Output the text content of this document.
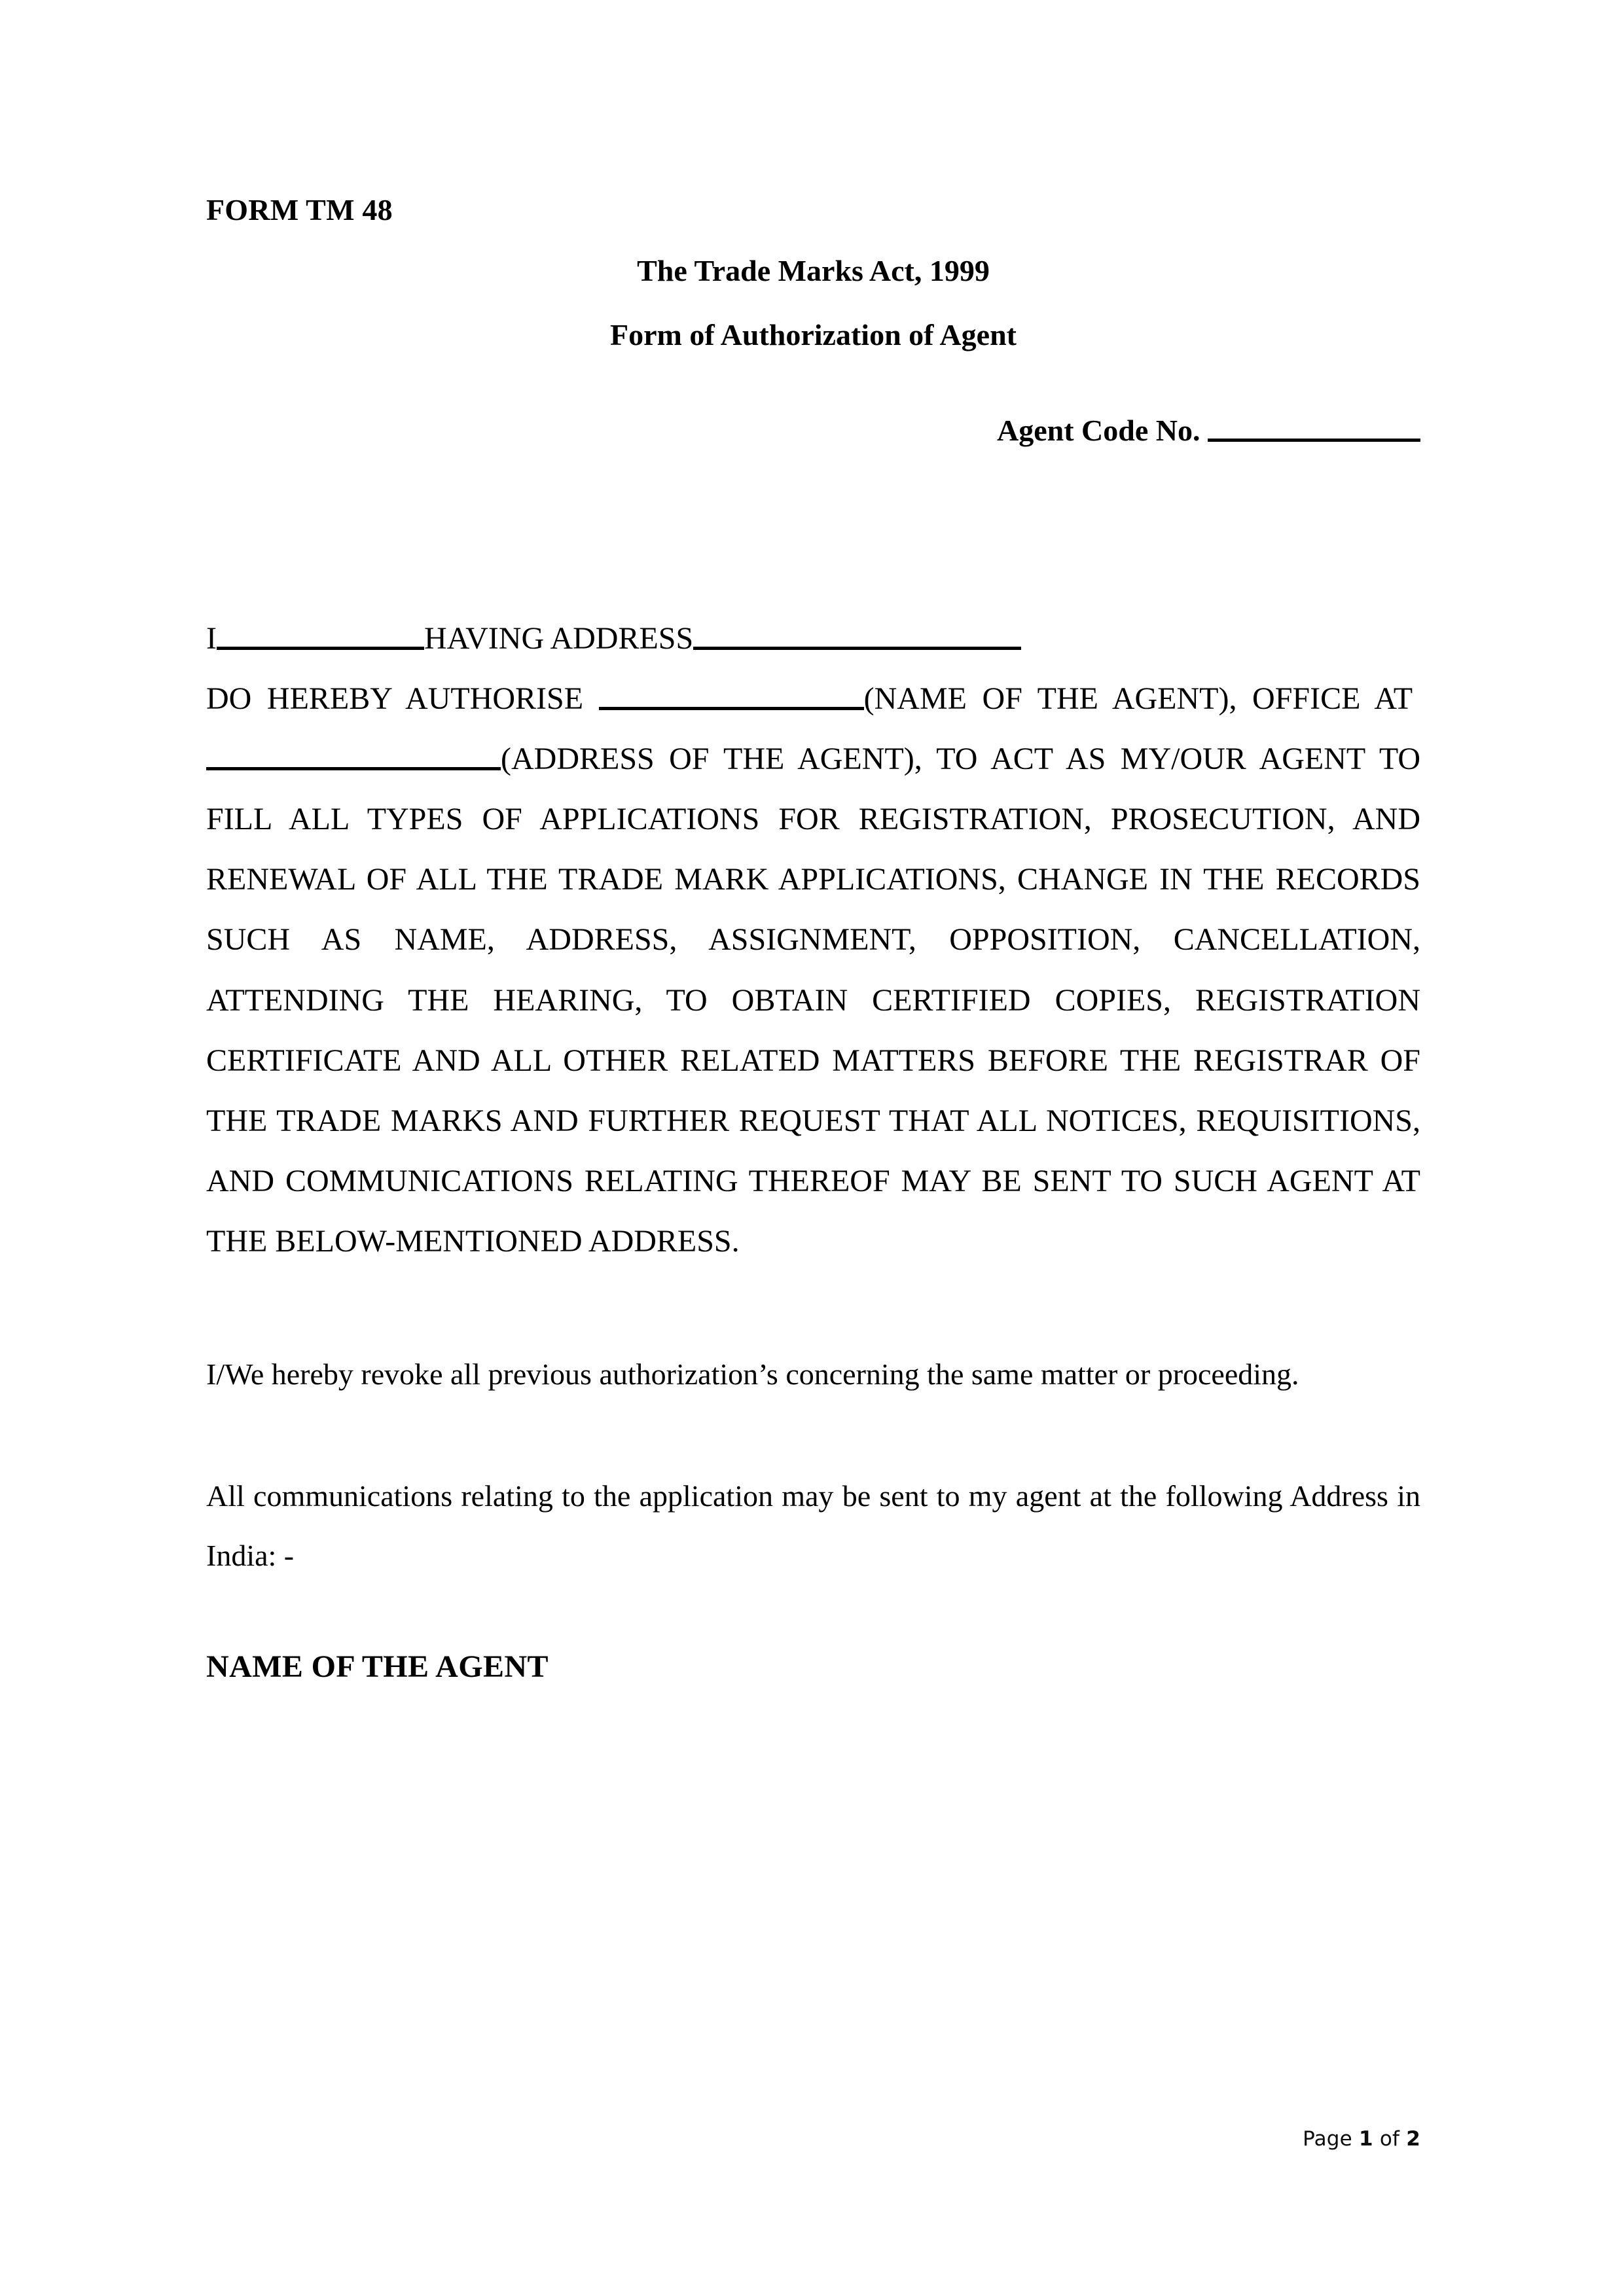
FORM TM 48
The Trade Marks Act, 1999
Form of Authorization of Agent
Agent Code No.
I	HAVING ADDRESS

DO HEREBY AUTHORISE	(NAME OF THE AGENT), OFFICE AT (ADDRESS OF THE AGENT), TO ACT AS MY/OUR AGENT TO FILL ALL TYPES OF APPLICATIONS FOR REGISTRATION, PROSECUTION, AND RENEWAL OF ALL THE TRADE MARK APPLICATIONS, CHANGE IN THE RECORDS SUCH AS NAME, ADDRESS, ASSIGNMENT, OPPOSITION, CANCELLATION, ATTENDING THE HEARING, TO OBTAIN CERTIFIED COPIES, REGISTRATION CERTIFICATE AND ALL OTHER RELATED MATTERS BEFORE THE REGISTRAR OF THE TRADE MARKS AND FURTHER REQUEST THAT ALL NOTICES, REQUISITIONS, AND COMMUNICATIONS RELATING THEREOF MAY BE SENT TO SUCH AGENT AT THE BELOW-MENTIONED ADDRESS.

I/We hereby revoke all previous authorization’s concerning the same matter or proceeding.

All communications relating to the application may be sent to my agent at the following Address in India: -

NAME OF THE AGENT
Page 1 of 2
